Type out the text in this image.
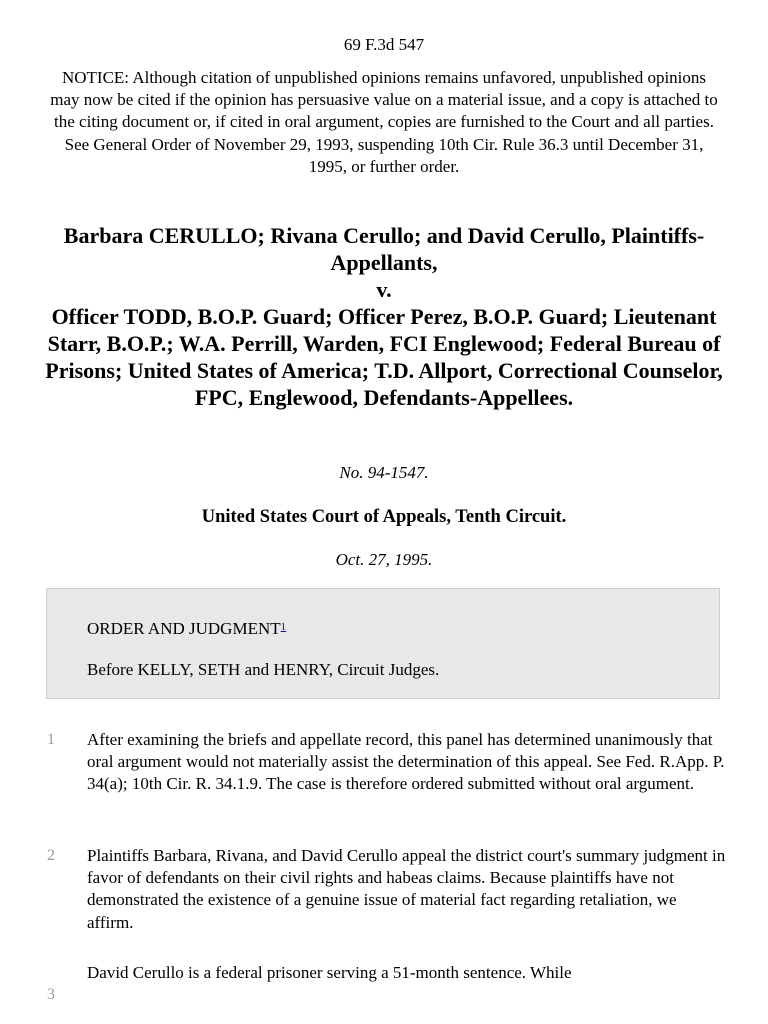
69 F.3d 547
NOTICE: Although citation of unpublished opinions remains unfavored, unpublished opinions may now be cited if the opinion has persuasive value on a material issue, and a copy is attached to the citing document or, if cited in oral argument, copies are furnished to the Court and all parties. See General Order of November 29, 1993, suspending 10th Cir. Rule 36.3 until December 31, 1995, or further order.
Barbara CERULLO; Rivana Cerullo; and David Cerullo, Plaintiffs-Appellants,
v.
Officer TODD, B.O.P. Guard; Officer Perez, B.O.P. Guard; Lieutenant Starr, B.O.P.; W.A. Perrill, Warden, FCI Englewood; Federal Bureau of Prisons; United States of America; T.D. Allport, Correctional Counselor, FPC, Englewood, Defendants-Appellees.
No. 94-1547.
United States Court of Appeals, Tenth Circuit.
Oct. 27, 1995.
ORDER AND JUDGMENT$^1$
Before KELLY, SETH and HENRY, Circuit Judges.
1	After examining the briefs and appellate record, this panel has determined unanimously that oral argument would not materially assist the determination of this appeal. See Fed. R.App. P. 34(a); 10th Cir. R. 34.1.9. The case is therefore ordered submitted without oral argument.
2	Plaintiffs Barbara, Rivana, and David Cerullo appeal the district court's summary judgment in favor of defendants on their civil rights and habeas claims. Because plaintiffs have not demonstrated the existence of a genuine issue of material fact regarding retaliation, we affirm.
3
David Cerullo is a federal prisoner serving a 51-month sentence. While
